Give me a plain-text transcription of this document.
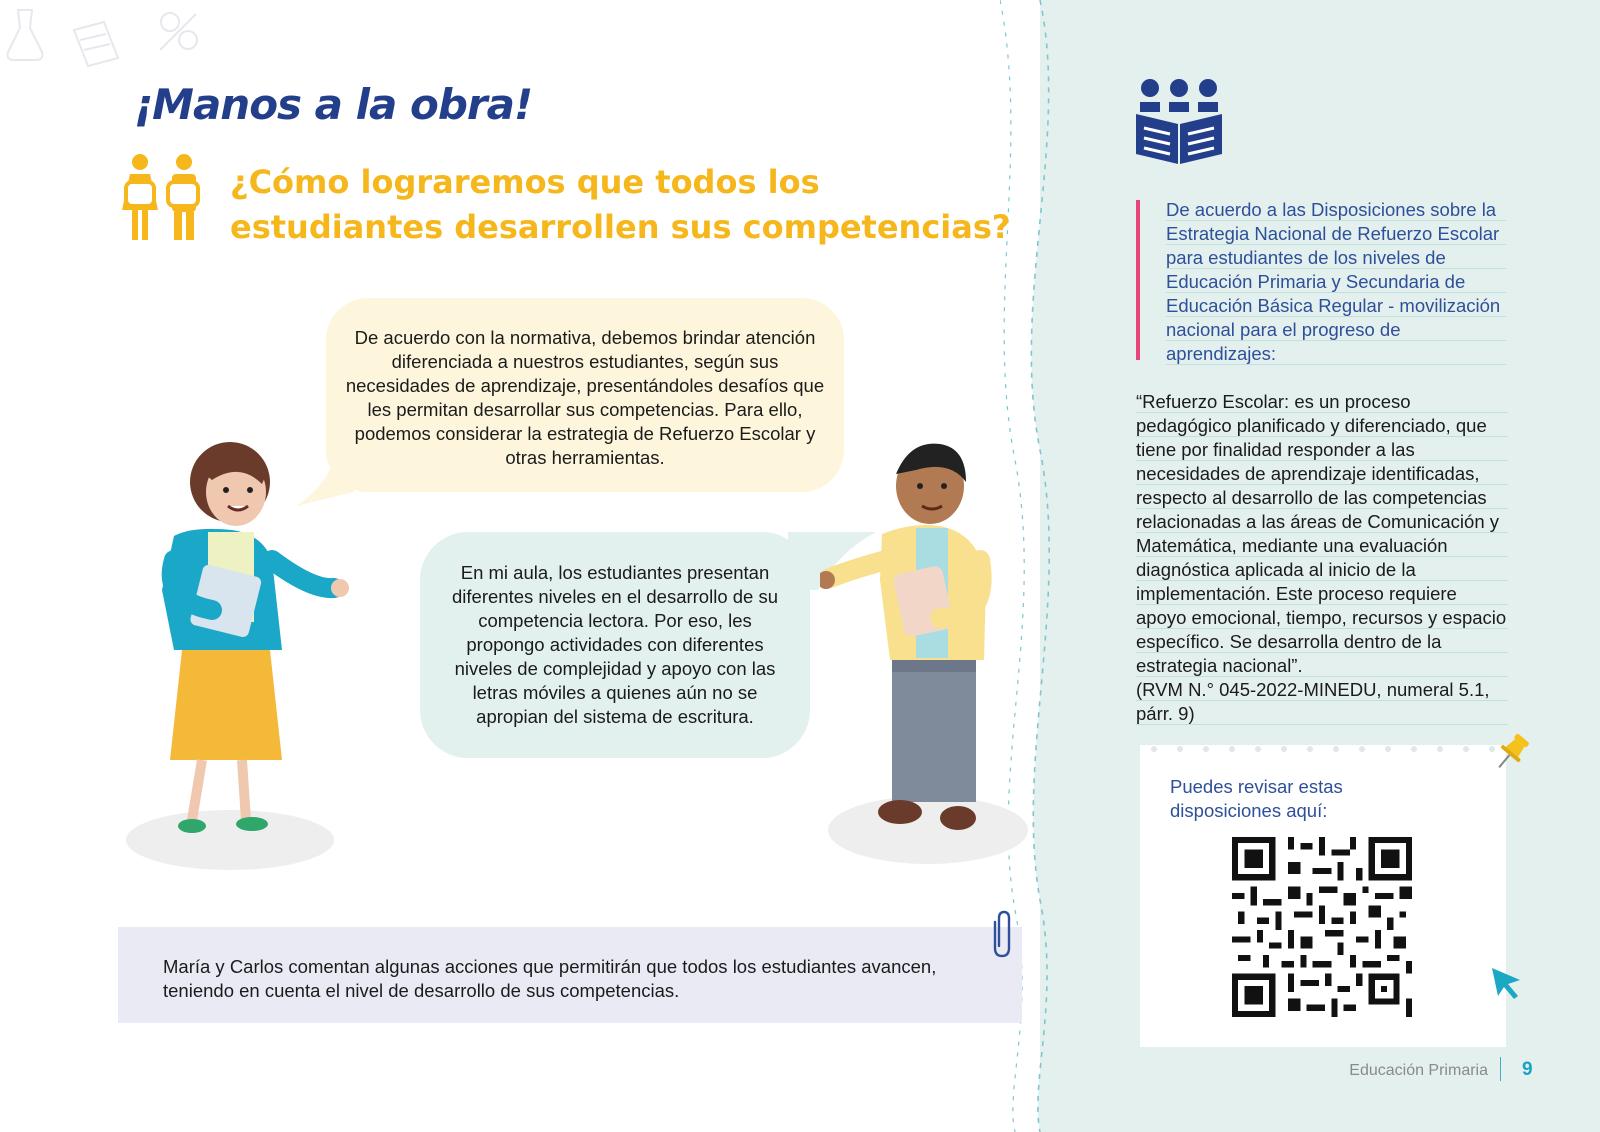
¡Manos a la obra!
¿Cómo lograremos que todos los estudiantes desarrollen sus competencias?
De acuerdo con la normativa, debemos brindar atención diferenciada a nuestros estudiantes, según sus necesidades de aprendizaje, presentándoles desafíos que les permitan desarrollar sus competencias. Para ello, podemos considerar la estrategia de Refuerzo Escolar y otras herramientas.
En mi aula, los estudiantes presentan diferentes niveles en el desarrollo de su competencia lectora. Por eso, les propongo actividades con diferentes niveles de complejidad y apoyo con las letras móviles a quienes aún no se apropian del sistema de escritura.
María y Carlos comentan algunas acciones que permitirán que todos los estudiantes avancen, teniendo en cuenta el nivel de desarrollo de sus competencias.
De acuerdo a las Disposiciones sobre la Estrategia Nacional de Refuerzo Escolar para estudiantes de los niveles de Educación Primaria y Secundaria de Educación Básica Regular - movilización nacional para el progreso de aprendizajes:
“Refuerzo Escolar: es un proceso pedagógico planificado y diferenciado, que tiene por finalidad responder a las necesidades de aprendizaje identificadas, respecto al desarrollo de las competencias relacionadas a las áreas de Comunicación y Matemática, mediante una evaluación diagnóstica aplicada al inicio de la implementación. Este proceso requiere apoyo emocional, tiempo, recursos y espacio específico. Se desarrolla dentro de la estrategia nacional”.
(RVM N.° 045-2022-MINEDU, numeral 5.1, párr. 9)
Puedes revisar estas disposiciones aquí:
Educación Primaria 9
